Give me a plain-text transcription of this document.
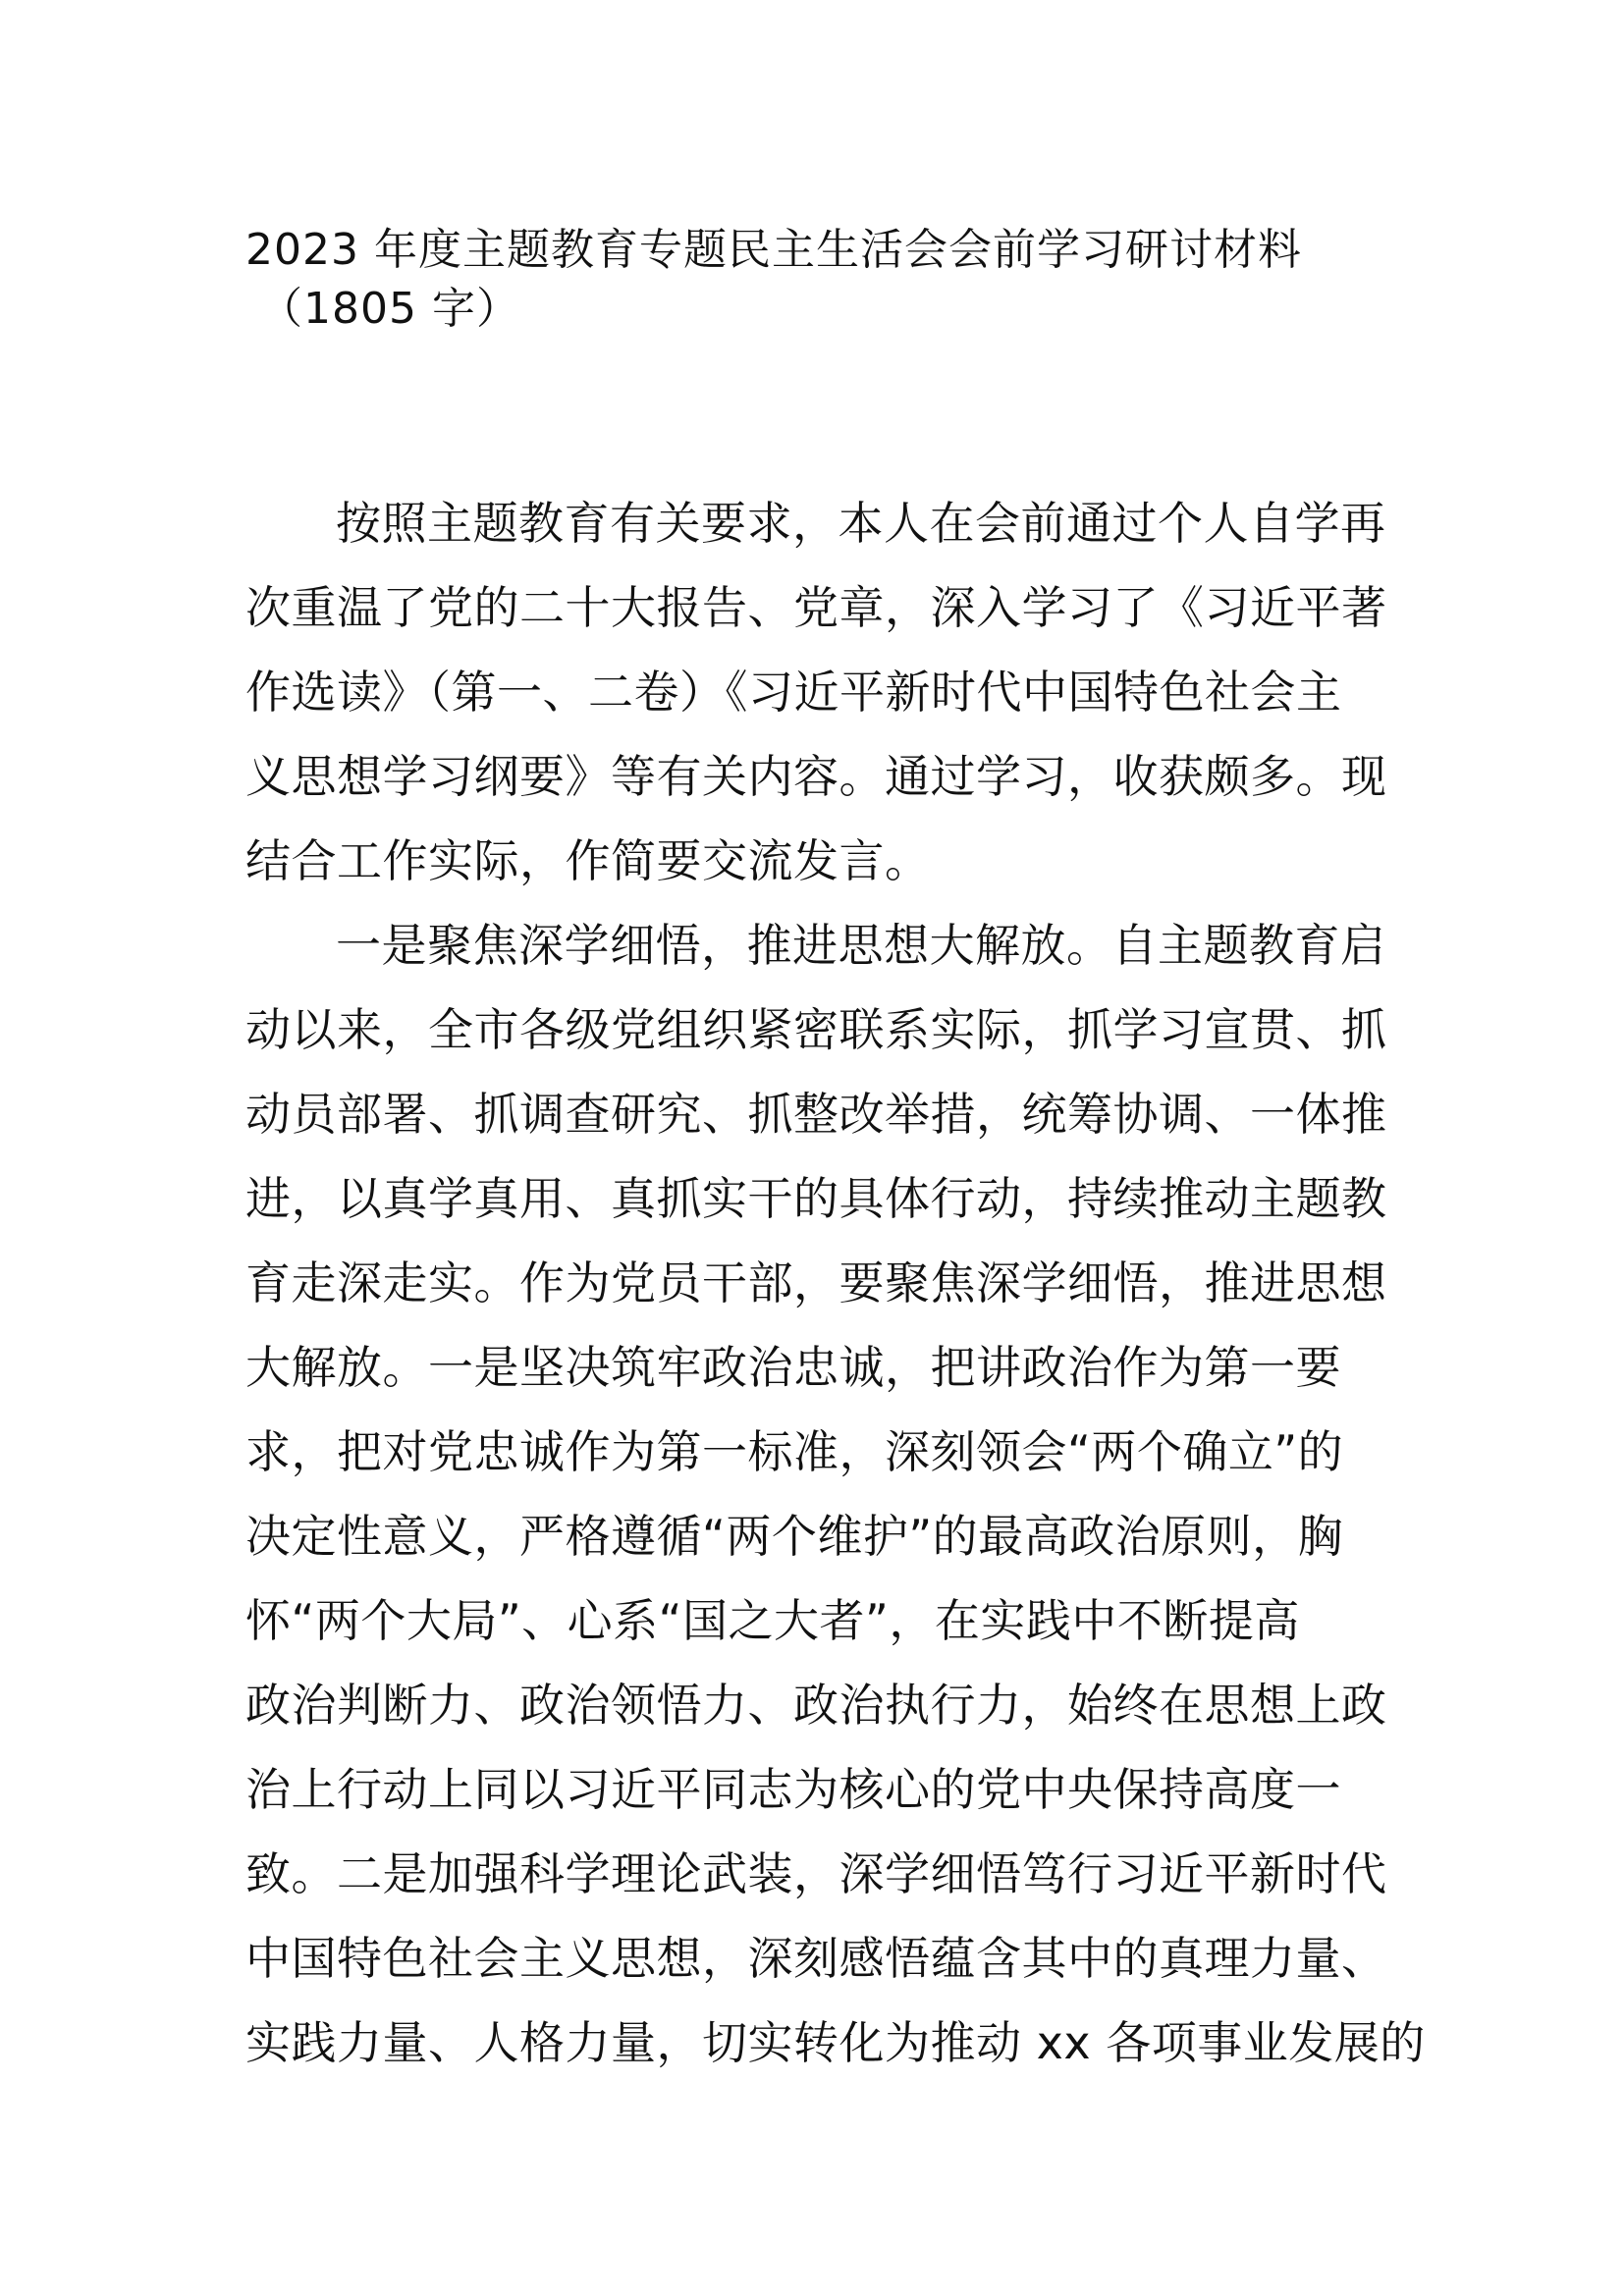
2023 年度主题教育专题民主生活会会前学习研讨材料
（1805 字）
按照主题教育有关要求，本人在会前通过个人自学再
次重温了党的二十大报告、党章，深入学习了《习近平著
作选读》（第一、二卷）《习近平新时代中国特色社会主
义思想学习纲要》等有关内容。通过学习，收获颇多。现
结合工作实际，作简要交流发言。
一是聚焦深学细悟，推进思想大解放。自主题教育启
动以来，全市各级党组织紧密联系实际，抓学习宣贯、抓
动员部署、抓调查研究、抓整改举措，统筹协调、一体推
进，以真学真用、真抓实干的具体行动，持续推动主题教
育走深走实。作为党员干部，要聚焦深学细悟，推进思想
大解放。一是坚决筑牢政治忠诚，把讲政治作为第一要
求，把对党忠诚作为第一标准，深刻领会“两个确立”的
决定性意义，严格遵循“两个维护”的最高政治原则，胸
怀“两个大局”、心系“国之大者”，在实践中不断提高
政治判断力、政治领悟力、政治执行力，始终在思想上政
治上行动上同以习近平同志为核心的党中央保持高度一
致。二是加强科学理论武装，深学细悟笃行习近平新时代
中国特色社会主义思想，深刻感悟蕴含其中的真理力量、
实践力量、人格力量，切实转化为推动 xx 各项事业发展的
